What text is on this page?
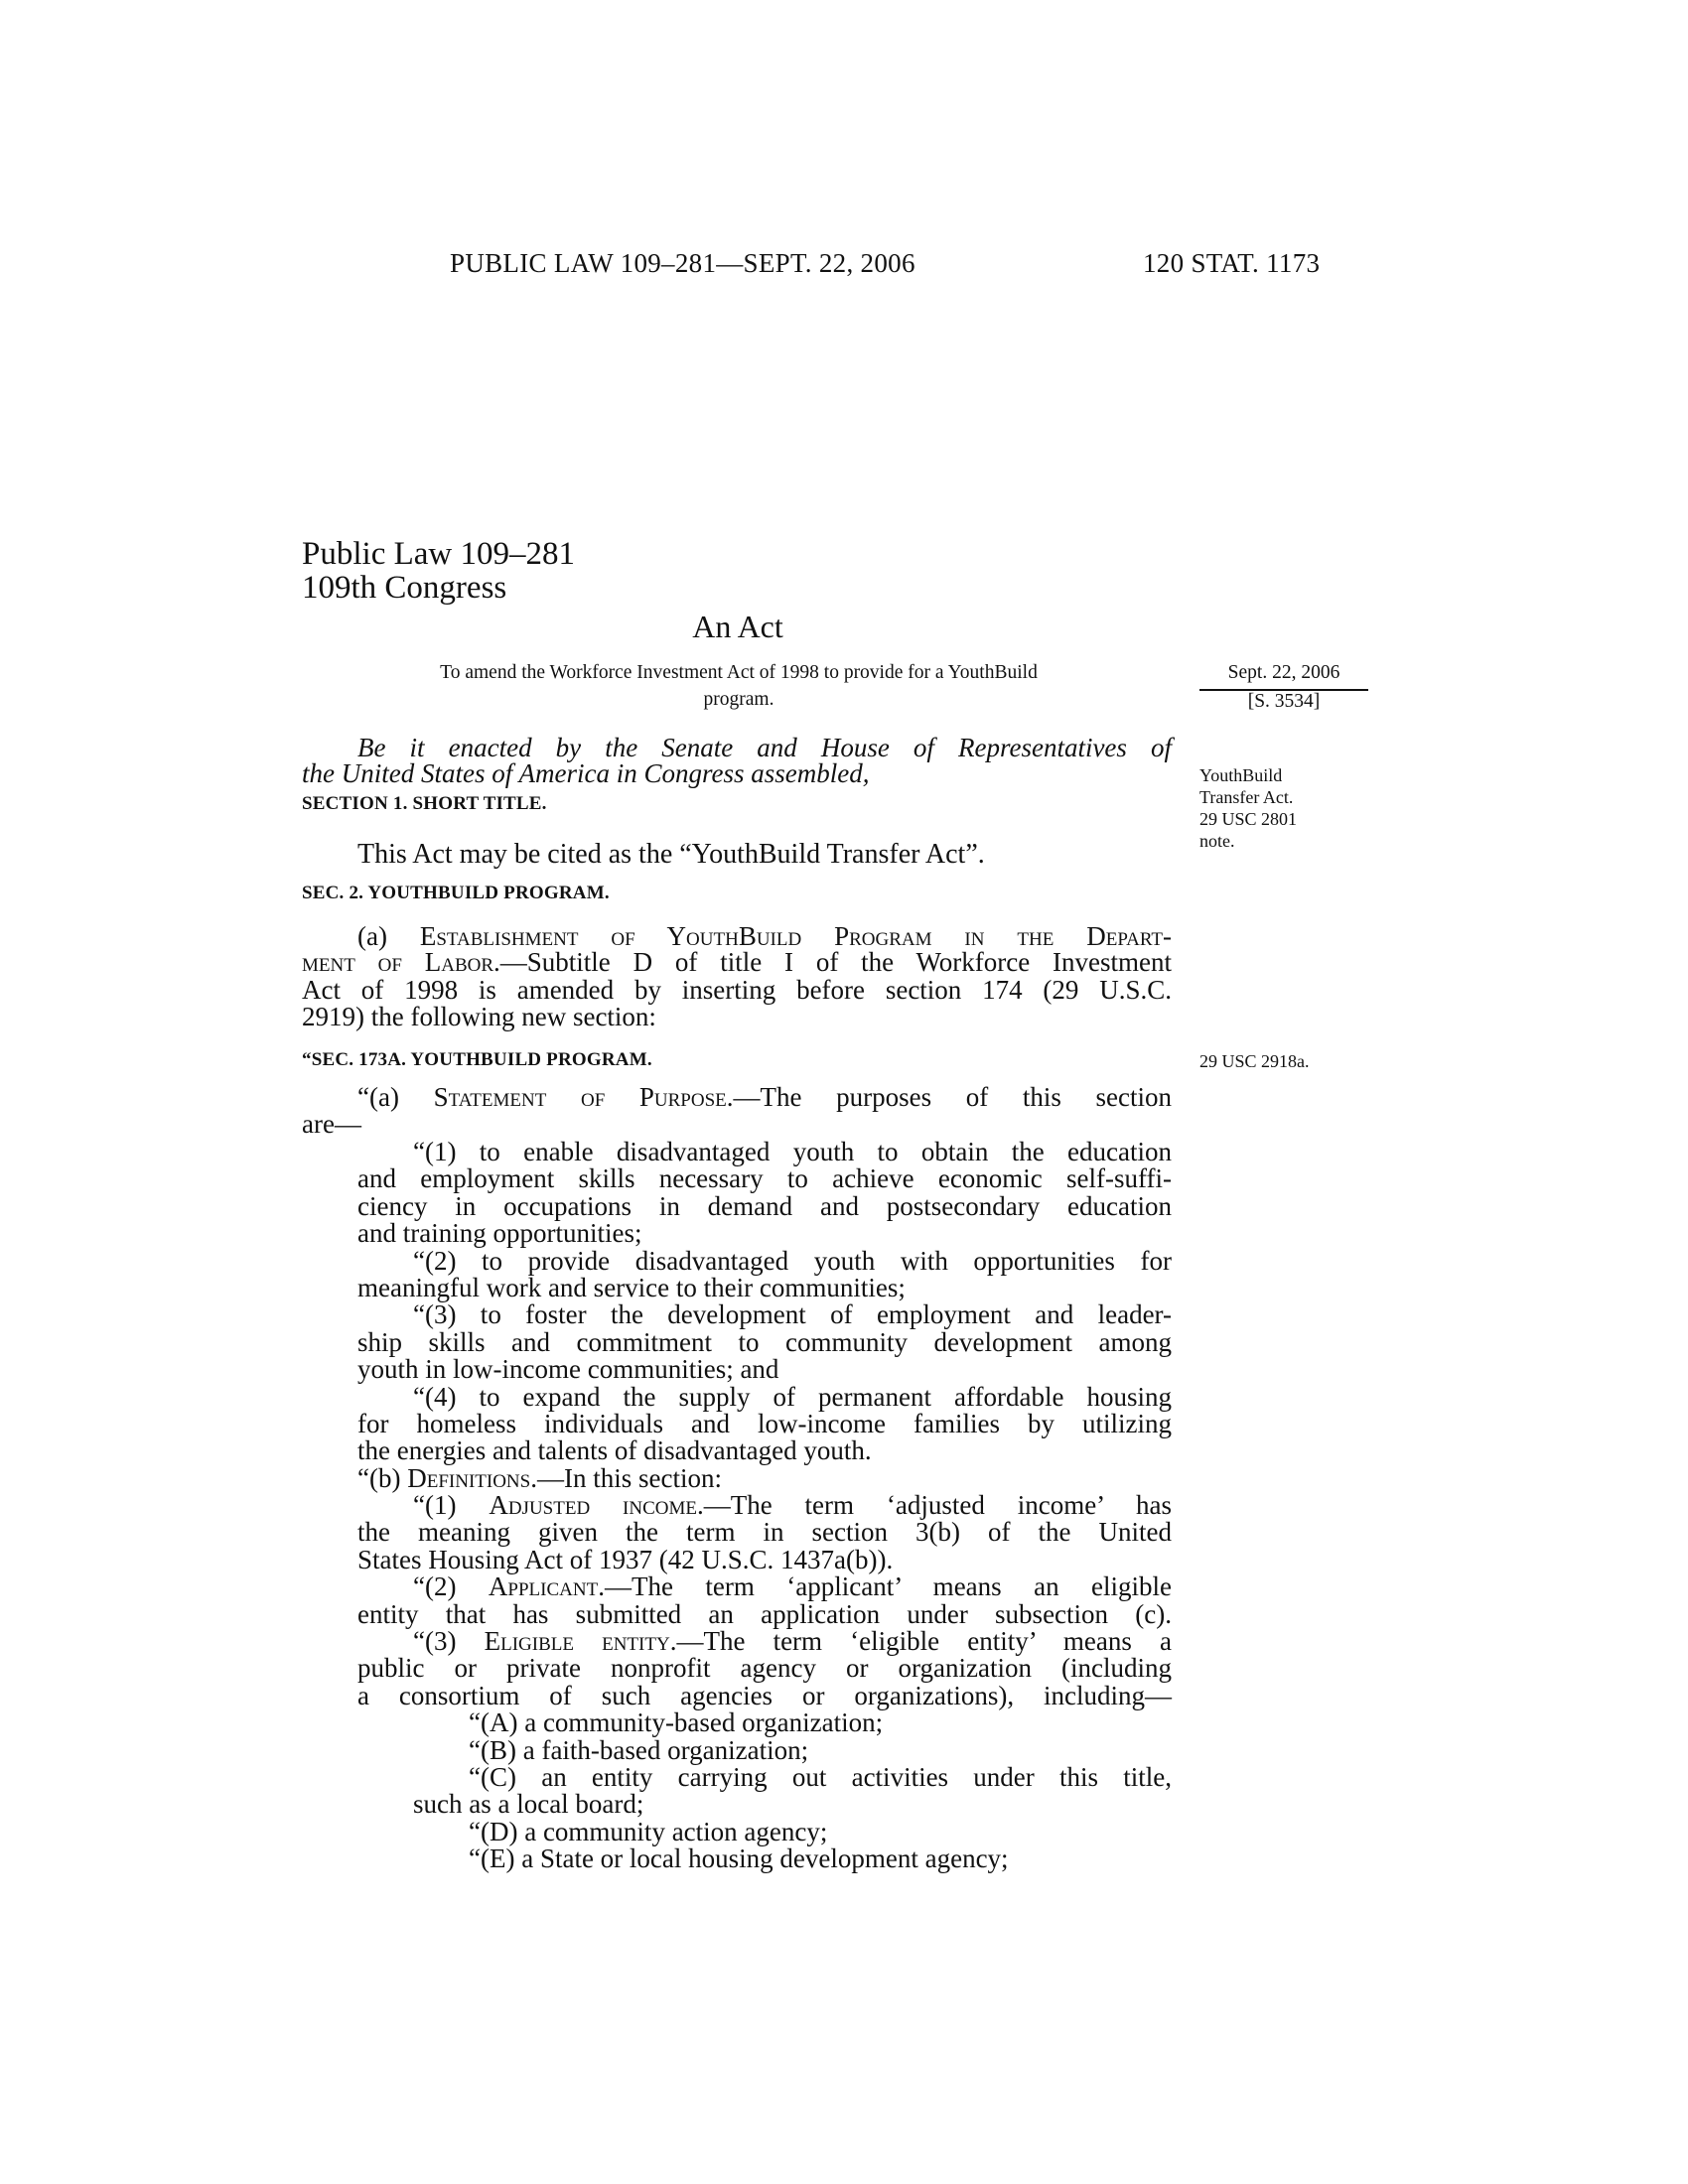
PUBLIC LAW 109–281—SEPT. 22, 2006	120 STAT. 1173
Public Law 109–281
109th Congress
An Act
To amend the Workforce Investment Act of 1998 to provide for a YouthBuild
program.
Sept. 22, 2006
[S. 3534]
Be it enacted by the Senate and House of Representatives of
the United States of America in Congress assembled,
SECTION 1. SHORT TITLE.
This Act may be cited as the “YouthBuild Transfer Act”.
YouthBuild
Transfer Act.
29 USC 2801
note.
SEC. 2. YOUTHBUILD PROGRAM.
(a) Establishment of YouthBuild Program in the Depart-
ment of Labor.—Subtitle D of title I of the Workforce Investment
Act of 1998 is amended by inserting before section 174 (29 U.S.C.
2919) the following new section:
“SEC. 173A. YOUTHBUILD PROGRAM.	29 USC 2918a.
“(a) Statement of Purpose.—The purposes of this section
are—
“(1) to enable disadvantaged youth to obtain the education
and employment skills necessary to achieve economic self-suffi-
ciency in occupations in demand and postsecondary education
and training opportunities;
“(2) to provide disadvantaged youth with opportunities for
meaningful work and service to their communities;
“(3) to foster the development of employment and leader-
ship skills and commitment to community development among
youth in low-income communities; and
“(4) to expand the supply of permanent affordable housing
for homeless individuals and low-income families by utilizing
the energies and talents of disadvantaged youth.
“(b) Definitions.—In this section:
“(1) Adjusted income.—The term ‘adjusted income’ has
the meaning given the term in section 3(b) of the United
States Housing Act of 1937 (42 U.S.C. 1437a(b)).
“(2) Applicant.—The term ‘applicant’ means an eligible
entity that has submitted an application under subsection (c).
“(3) Eligible entity.—The term ‘eligible entity’ means a
public or private nonprofit agency or organization (including
a consortium of such agencies or organizations), including—
“(A) a community-based organization;
“(B) a faith-based organization;
“(C) an entity carrying out activities under this title,
such as a local board;
“(D) a community action agency;
“(E) a State or local housing development agency;
